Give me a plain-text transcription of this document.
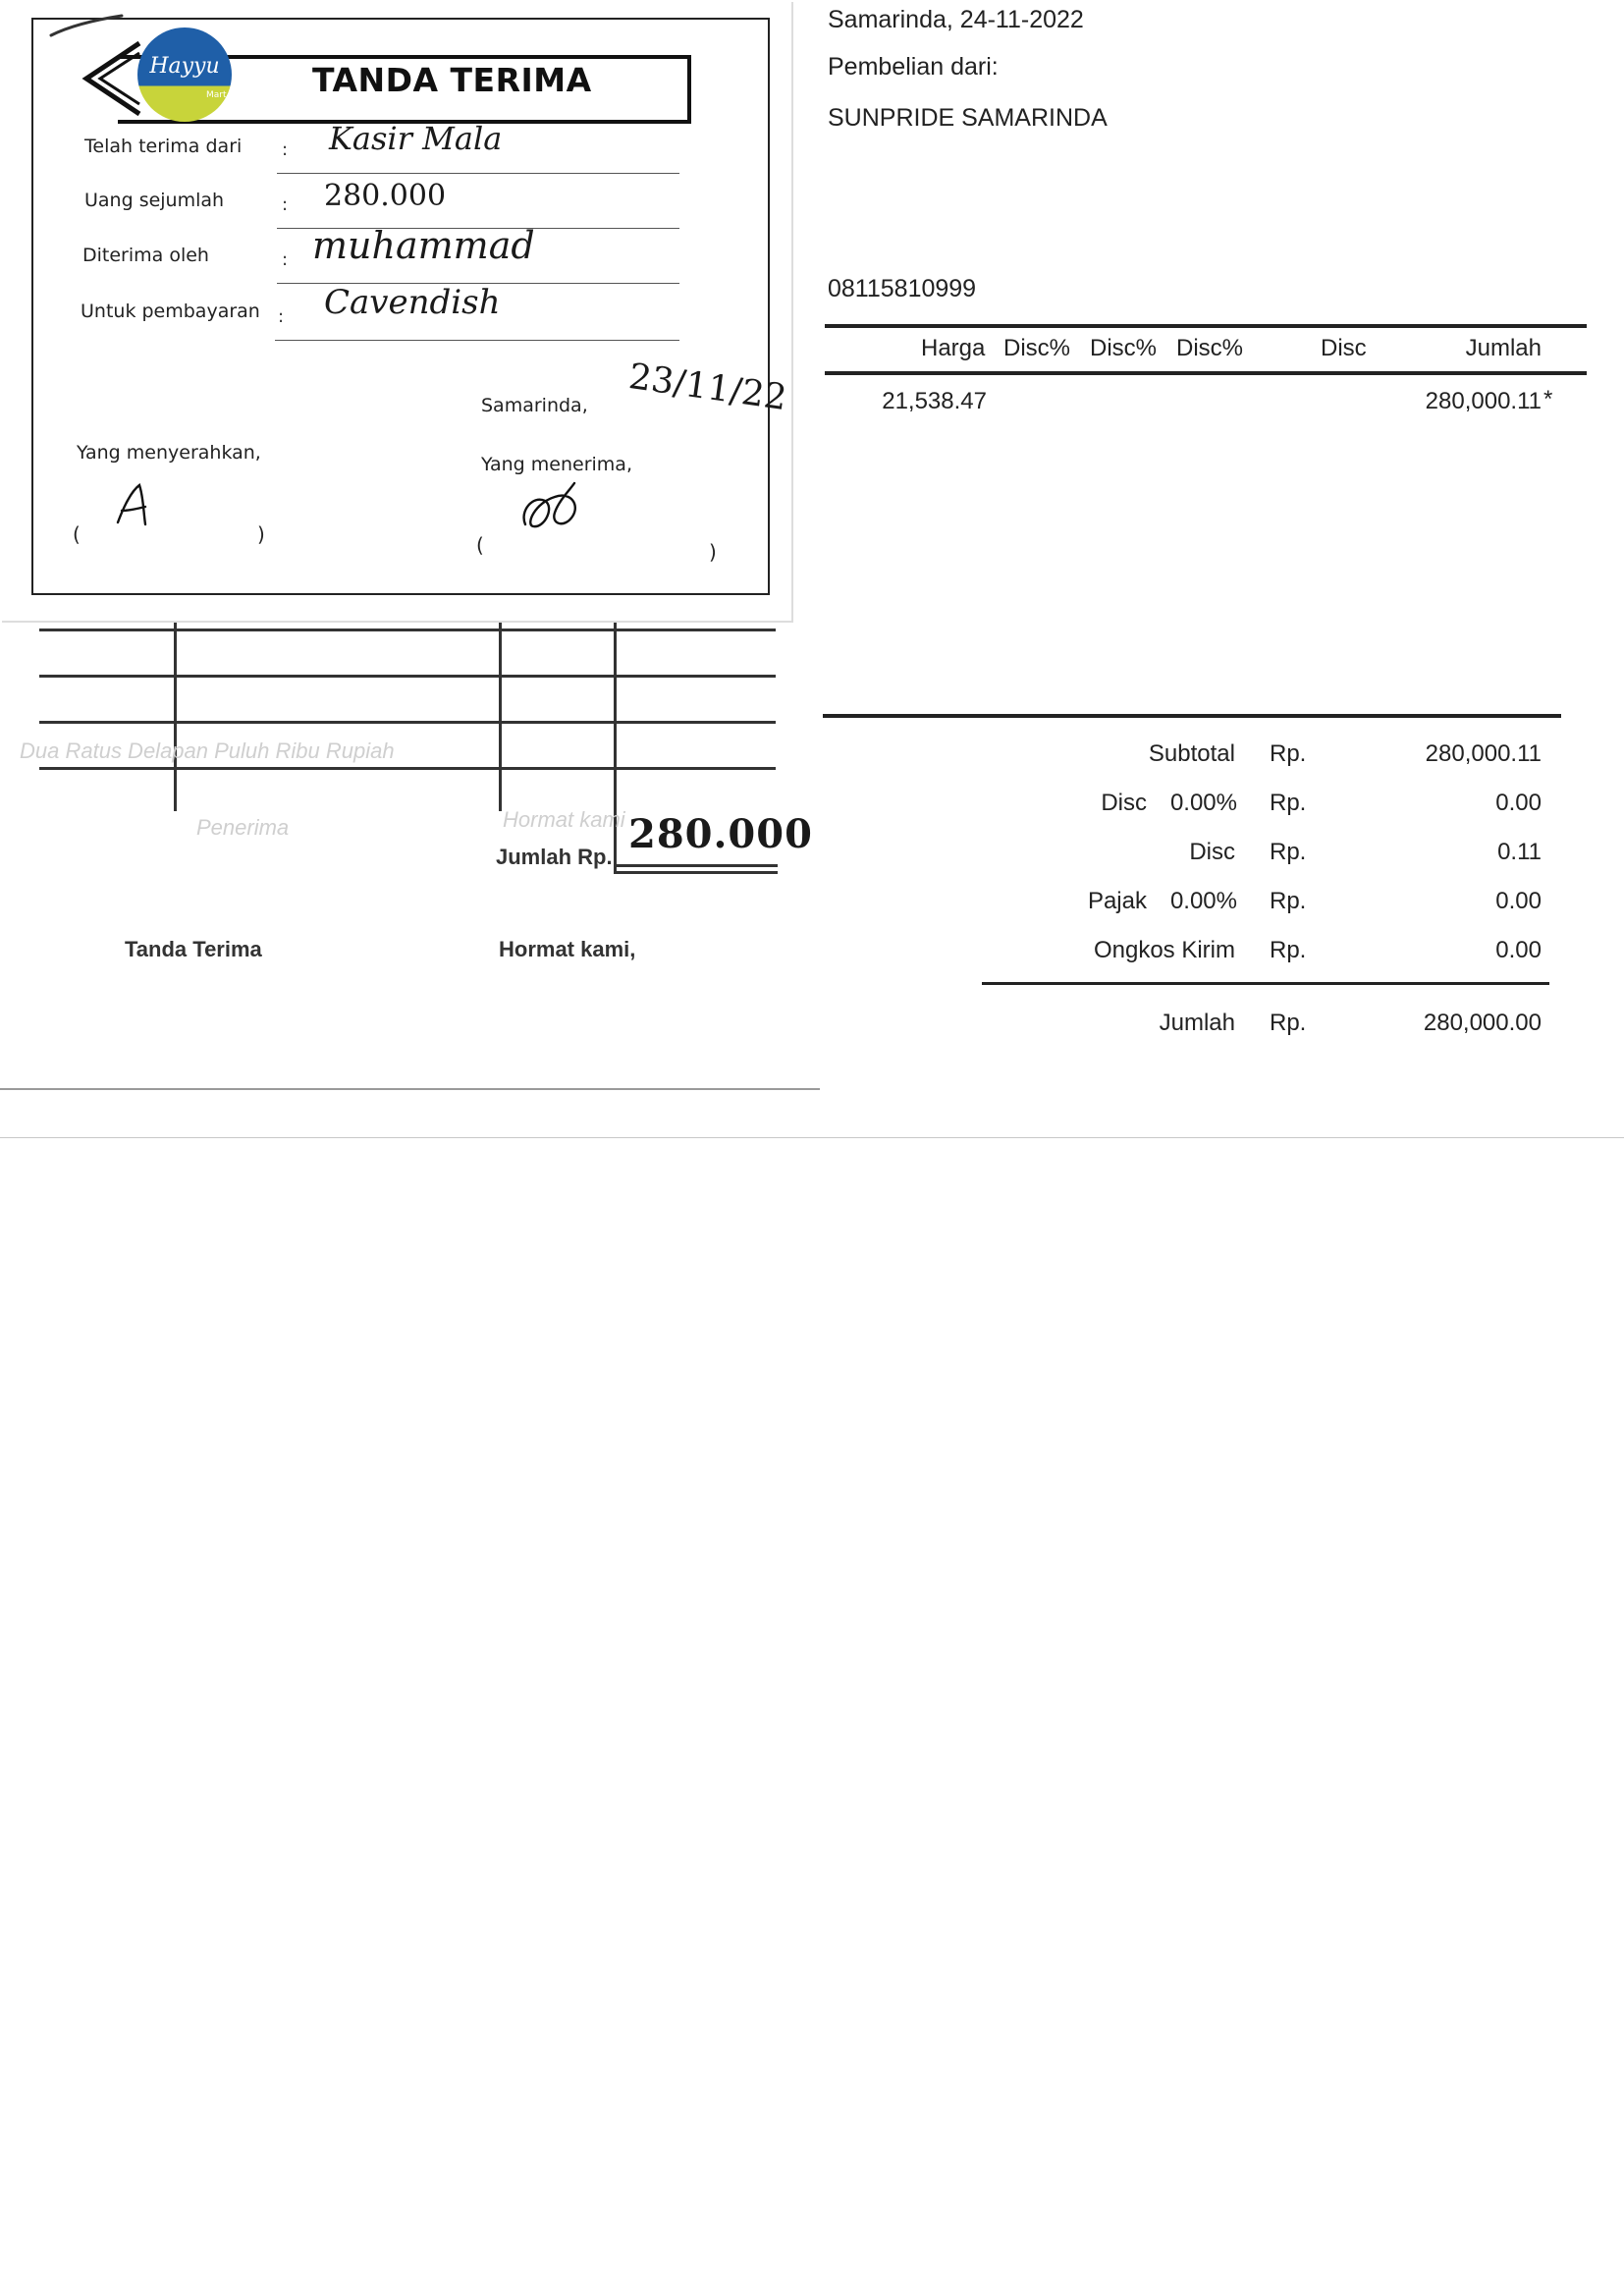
Samarinda, 24-11-2022
Pembelian dari:
SUNPRIDE SAMARINDA
08115810999
Harga Disc% Disc% Disc%	Disc	Jumlah
21,538.47	280,000.11 *
Subtotal Rp.	280,000.11
Disc 0.00% Rp.	0.00
Disc Rp.	0.11
Pajak 0.00% Rp.	0.00
Ongkos Kirim Rp.	0.00
Jumlah Rp.	280,000.00
Dua Ratus Delapan Puluh Ribu Rupiah
Penerima	Hormat kami
Jumlah Rp. 280.000
Tanda Terima	Hormat kami,
Hayyu
Mart	TANDA TERIMA
Telah terima dari : Kasir Mala
Uang sejumlah	: 280.000
Diterima oleh	: muhammad
Untuk pembayaran : Cavendish
Samarinda, 23/11/22
Yang menyerahkan,
Yang menerima,
(	)	(	)
